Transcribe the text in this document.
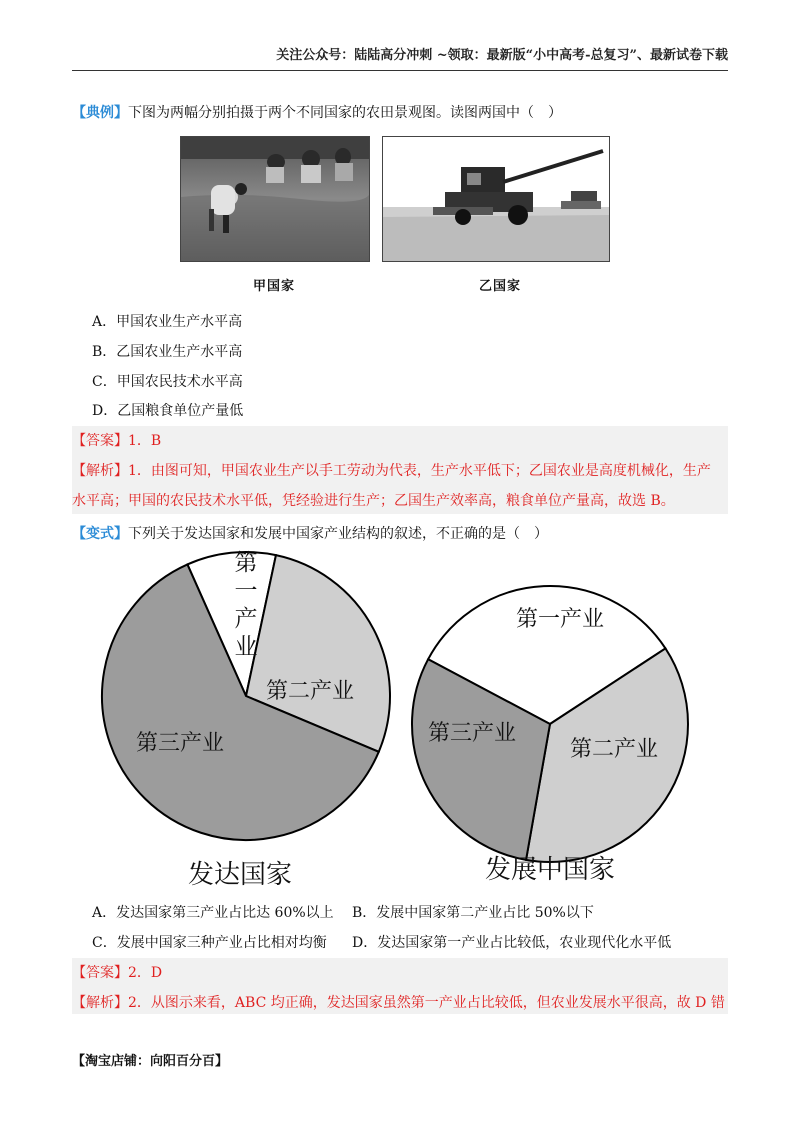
关注公众号：陆陆高分冲刺 ~领取：最新版“小中高考-总复习”、最新试卷下载
【典例】下图为两幅分别拍摄于两个不同国家的农田景观图。读图两国中（　）
甲国家	乙国家
A．甲国农业生产水平高
B．乙国农业生产水平高
C．甲国农民技术水平高
D．乙国粮食单位产量低
【答案】1．B
【解析】1．由图可知，甲国农业生产以手工劳动为代表，生产水平低下；乙国农业是高度机械化，生产
水平高；甲国的农民技术水平低，凭经验进行生产；乙国生产效率高，粮食单位产量高，故选 B。
【变式】下列关于发达国家和发展中国家产业结构的叙述，不正确的是（　）
第一产业
第二产业
第三产业
发达国家
第一产业
第二产业
第三产业
发展中国家
A．发达国家第三产业占比达 60%以上 B．发展中国家第二产业占比 50%以下
C．发展中国家三种产业占比相对均衡 D．发达国家第一产业占比较低，农业现代化水平低
【答案】2．D
【解析】2．从图示来看，ABC 均正确，发达国家虽然第一产业占比较低，但农业发展水平很高，故 D 错
【淘宝店铺：向阳百分百】
